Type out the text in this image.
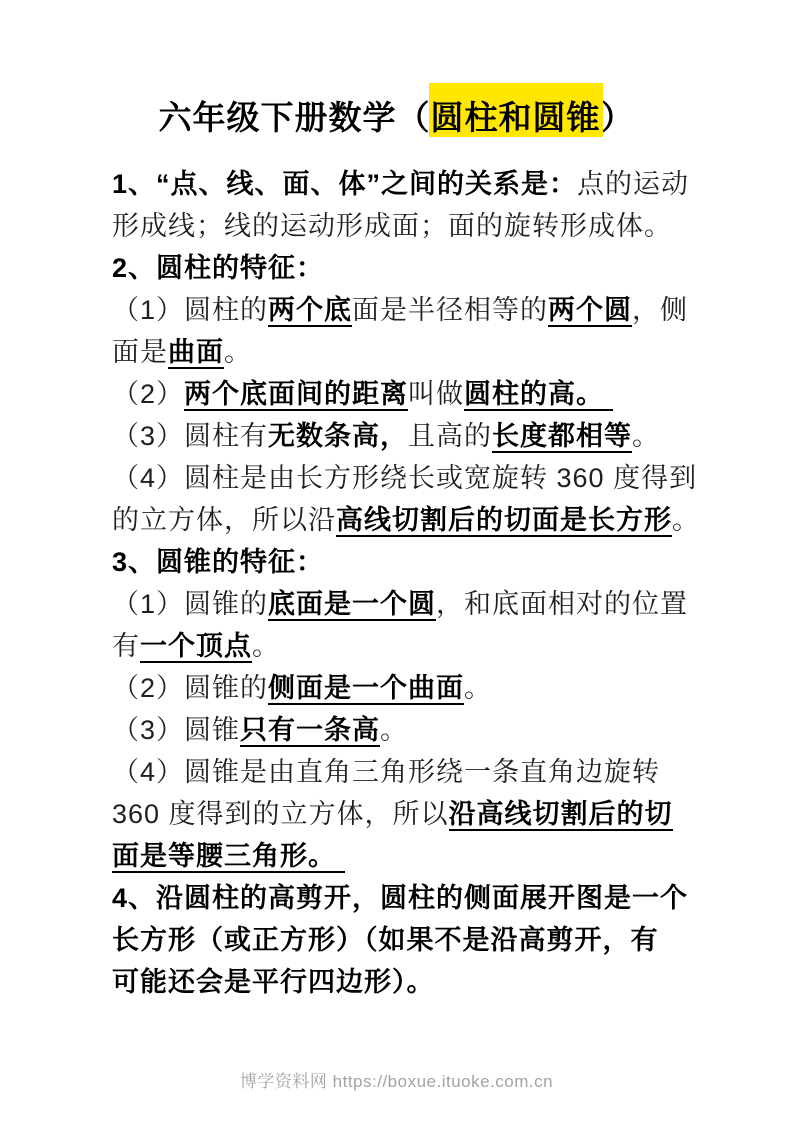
六年级下册数学（圆柱和圆锥）
1、“点、线、面、体”之间的关系是：点的运动
形成线；线的运动形成面；面的旋转形成体。
2、圆柱的特征：
（1）圆柱的两个底面是半径相等的两个圆，侧
面是曲面。
（2）两个底面间的距离叫做圆柱的高。
（3）圆柱有无数条高，且高的长度都相等。
（4）圆柱是由长方形绕长或宽旋转 360 度得到
的立方体，所以沿高线切割后的切面是长方形。
3、圆锥的特征：
（1）圆锥的底面是一个圆，和底面相对的位置
有一个顶点。
（2）圆锥的侧面是一个曲面。
（3）圆锥只有一条高。
（4）圆锥是由直角三角形绕一条直角边旋转
360 度得到的立方体，所以沿高线切割后的切
面是等腰三角形。
4、沿圆柱的高剪开，圆柱的侧面展开图是一个
长方形（或正方形）（如果不是沿高剪开，有
可能还会是平行四边形）。
博学资料网 https://boxue.ituoke.com.cn
